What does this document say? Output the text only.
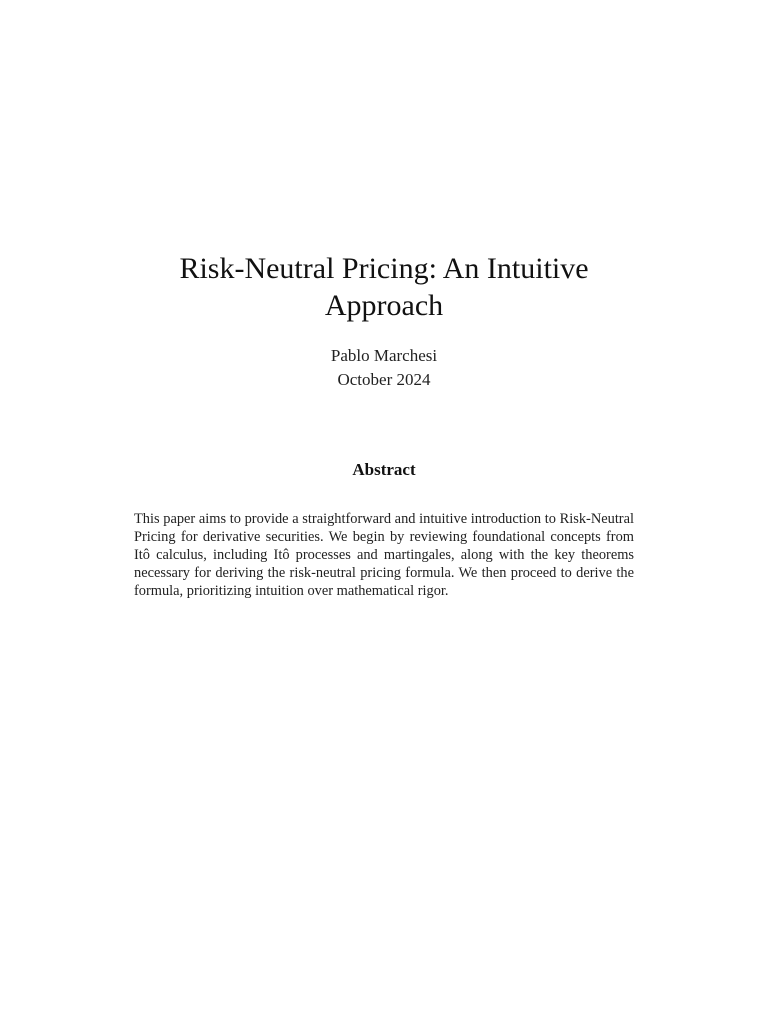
Risk-Neutral Pricing: An Intuitive Approach
Pablo Marchesi
October 2024
Abstract

This paper aims to provide a straightforward and intuitive introduction to Risk-Neutral Pricing for derivative securities. We begin by reviewing foundational concepts from Itô calculus, including Itô processes and martingales, along with the key theorems necessary for deriving the risk-neutral pricing formula. We then proceed to derive the formula, prioritizing intuition over mathematical rigor.
